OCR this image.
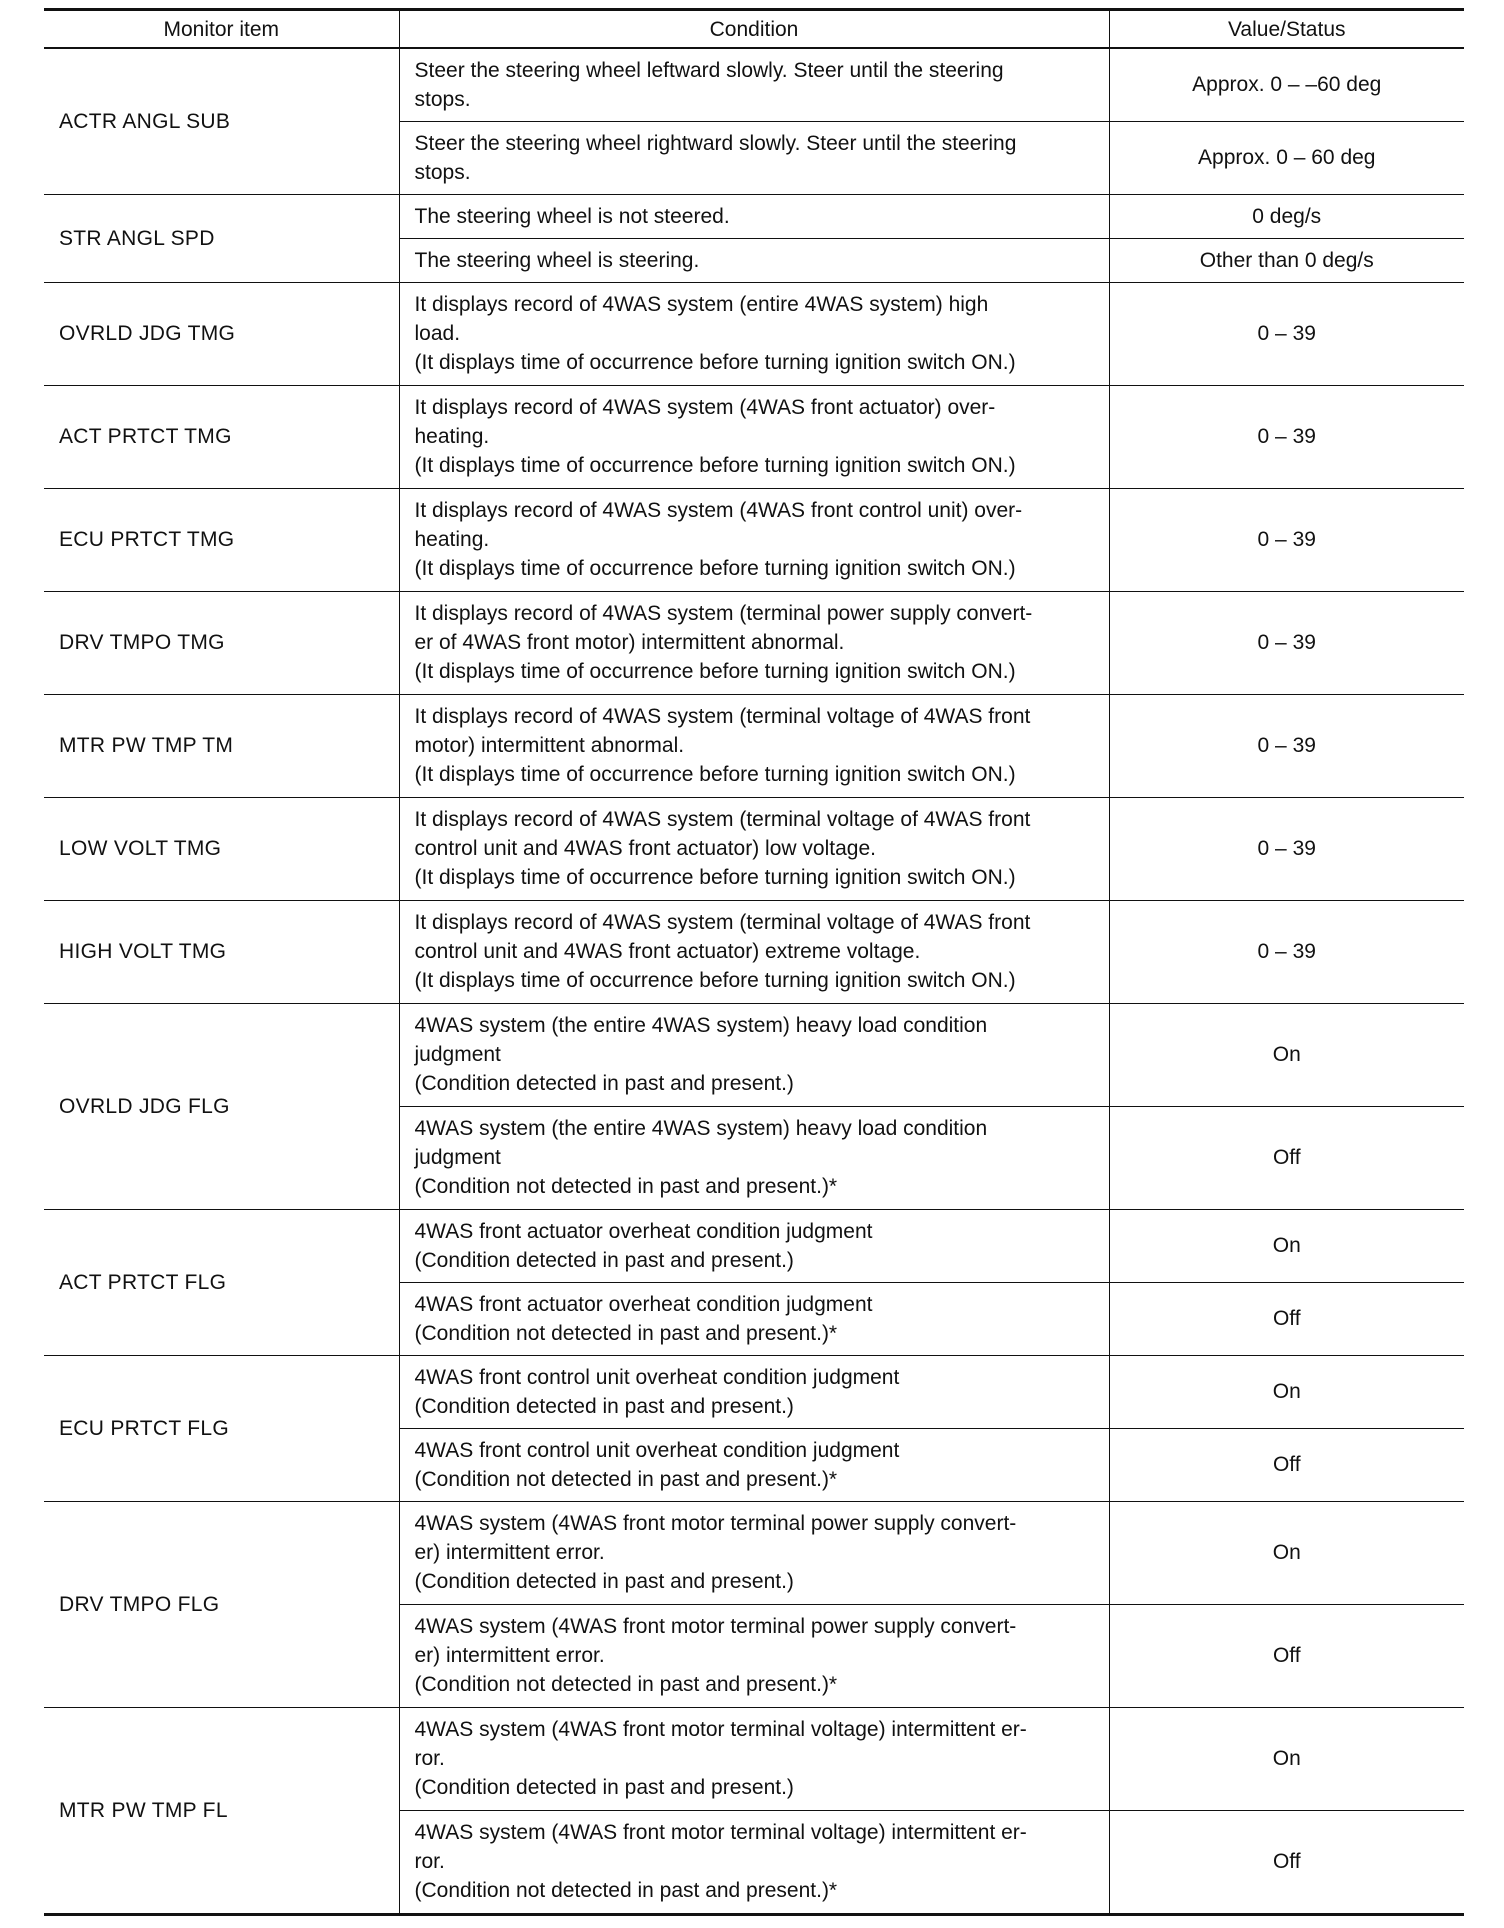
Monitor item	Condition	Value/Status
ACTR ANGL SUB	Steer the steering wheel leftward slowly. Steer until the steering
stops.	Approx. 0 – –60 deg

	Steer the steering wheel rightward slowly. Steer until the steering
stops.	Approx. 0 – 60 deg
STR ANGL SPD	The steering wheel is not steered.	0 deg/s

	The steering wheel is steering.	Other than 0 deg/s
OVRLD JDG TMG	It displays record of 4WAS system (entire 4WAS system) high
load.
(It displays time of occurrence before turning ignition switch ON.)	0 – 39
ACT PRTCT TMG	It displays record of 4WAS system (4WAS front actuator) over-
heating.
(It displays time of occurrence before turning ignition switch ON.)	0 – 39
ECU PRTCT TMG	It displays record of 4WAS system (4WAS front control unit) over-
heating.
(It displays time of occurrence before turning ignition switch ON.)	0 – 39
DRV TMPO TMG	It displays record of 4WAS system (terminal power supply convert-
er of 4WAS front motor) intermittent abnormal.
(It displays time of occurrence before turning ignition switch ON.)	0 – 39
MTR PW TMP TM	It displays record of 4WAS system (terminal voltage of 4WAS front
motor) intermittent abnormal.
(It displays time of occurrence before turning ignition switch ON.)	0 – 39
LOW VOLT TMG	It displays record of 4WAS system (terminal voltage of 4WAS front
control unit and 4WAS front actuator) low voltage.
(It displays time of occurrence before turning ignition switch ON.)	0 – 39
HIGH VOLT TMG	It displays record of 4WAS system (terminal voltage of 4WAS front
control unit and 4WAS front actuator) extreme voltage.
(It displays time of occurrence before turning ignition switch ON.)	0 – 39
OVRLD JDG FLG	4WAS system (the entire 4WAS system) heavy load condition
judgment
(Condition detected in past and present.)	On

	4WAS system (the entire 4WAS system) heavy load condition
judgment
(Condition not detected in past and present.)*	Off
ACT PRTCT FLG	4WAS front actuator overheat condition judgment
(Condition detected in past and present.)	On

	4WAS front actuator overheat condition judgment
(Condition not detected in past and present.)*	Off
ECU PRTCT FLG	4WAS front control unit overheat condition judgment
(Condition detected in past and present.)	On

	4WAS front control unit overheat condition judgment
(Condition not detected in past and present.)*	Off
DRV TMPO FLG	4WAS system (4WAS front motor terminal power supply convert-
er) intermittent error.
(Condition detected in past and present.)	On

	4WAS system (4WAS front motor terminal power supply convert-
er) intermittent error.
(Condition not detected in past and present.)*	Off
MTR PW TMP FL	4WAS system (4WAS front motor terminal voltage) intermittent er-
ror.
(Condition detected in past and present.)	On

	4WAS system (4WAS front motor terminal voltage) intermittent er-
ror.
(Condition not detected in past and present.)*	Off
